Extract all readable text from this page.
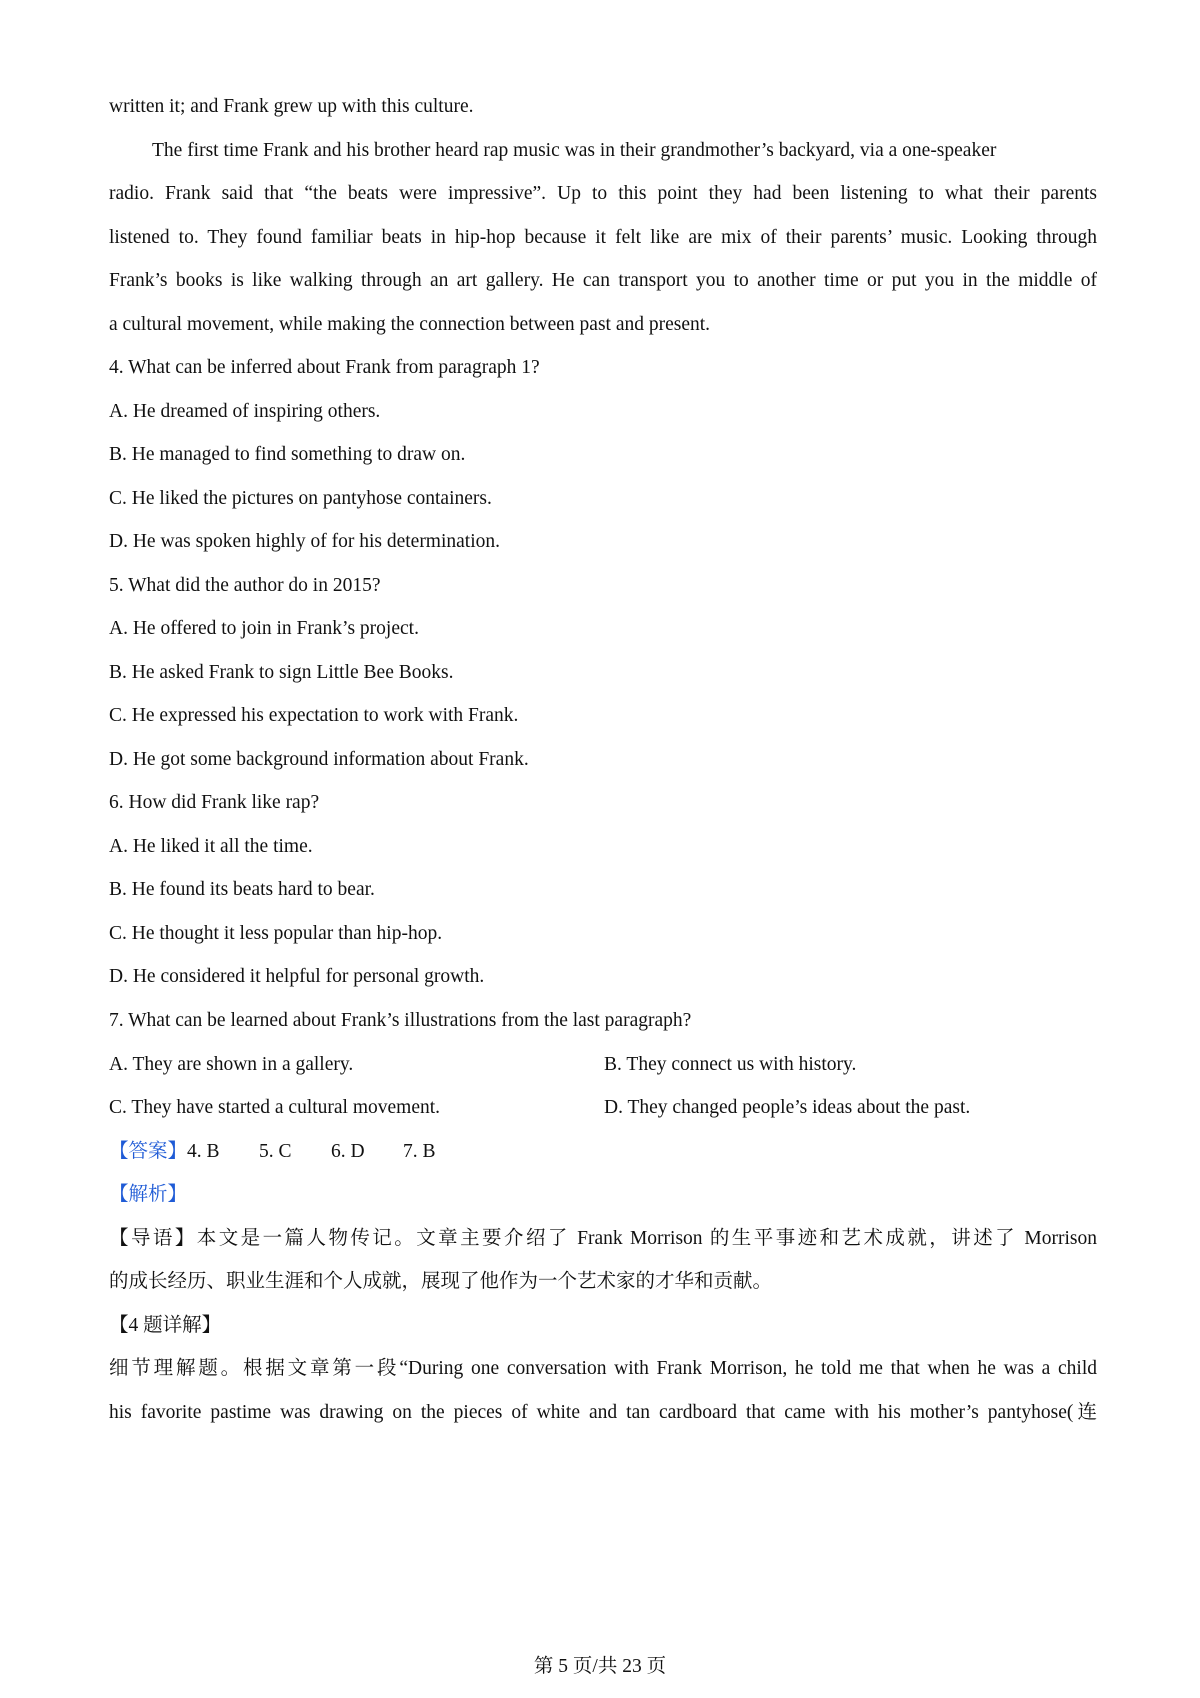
written it; and Frank grew up with this culture.
The first time Frank and his brother heard rap music was in their grandmother’s backyard, via a one-speaker
radio. Frank said that “the beats were impressive”. Up to this point they had been listening to what their parents
listened to. They found familiar beats in hip-hop because it felt like are mix of their parents’ music. Looking through
Frank’s books is like walking through an art gallery. He can transport you to another time or put you in the middle of
a cultural movement, while making the connection between past and present.
4. What can be inferred about Frank from paragraph 1?
A. He dreamed of inspiring others.
B. He managed to find something to draw on.
C. He liked the pictures on pantyhose containers.
D. He was spoken highly of for his determination.
5. What did the author do in 2015?
A. He offered to join in Frank’s project.
B. He asked Frank to sign Little Bee Books.
C. He expressed his expectation to work with Frank.
D. He got some background information about Frank.
6. How did Frank like rap?
A. He liked it all the time.
B. He found its beats hard to bear.
C. He thought it less popular than hip-hop.
D. He considered it helpful for personal growth.
7. What can be learned about Frank’s illustrations from the last paragraph?
A. They are shown in a gallery.	B. They connect us with history.
C. They have started a cultural movement.	D. They changed people’s ideas about the past.
【答案】4. B 5. C 6. D 7. B
【解析】
【导语】本文是一篇人物传记。文章主要介绍了 Frank Morrison 的生平事迹和艺术成就，讲述了 Morrison
的成长经历、职业生涯和个人成就，展现了他作为一个艺术家的才华和贡献。
【4 题详解】
细节理解题。根据文章第一段“During one conversation with Frank Morrison, he told me that when he was a child
his favorite pastime was drawing on the pieces of white and tan cardboard that came with his mother’s pantyhose(连
第 5 页/共 23 页
